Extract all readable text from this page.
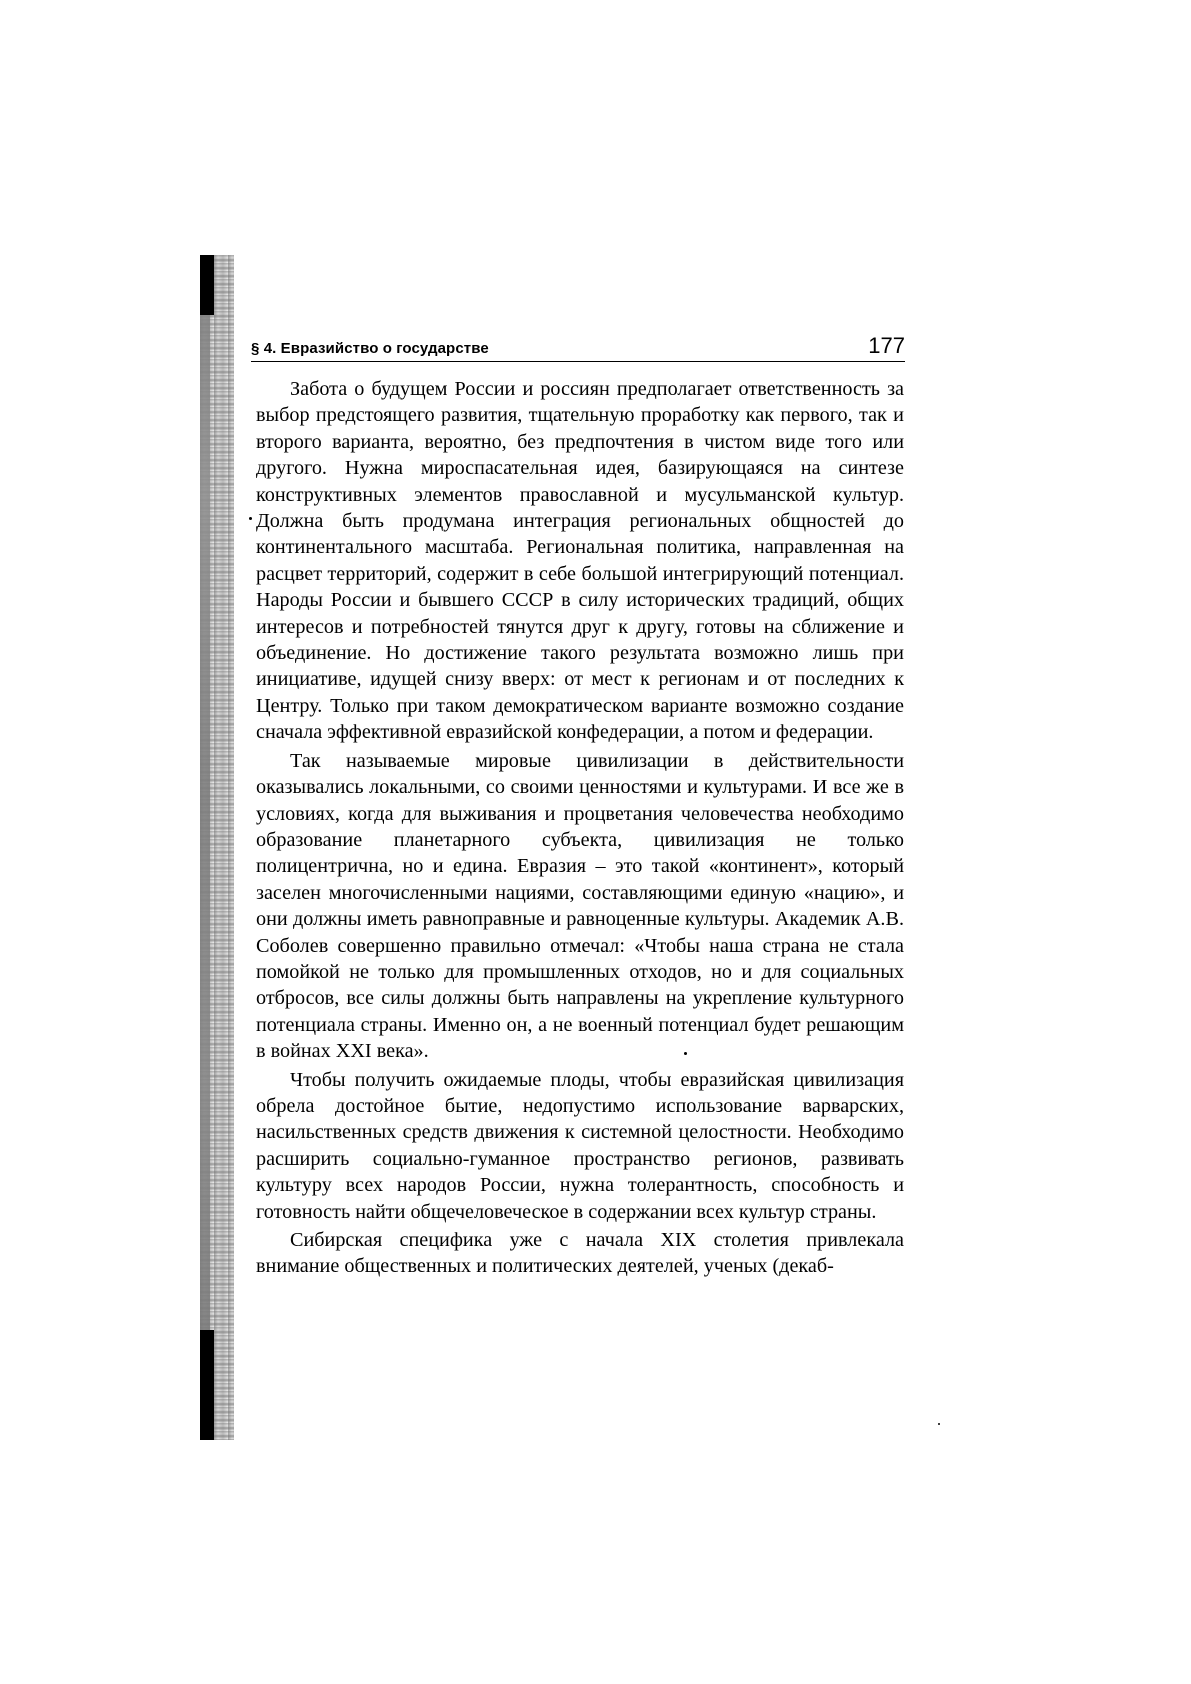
§ 4. Евразийство о государстве	177

Забота о будущем России и россиян предполагает ответственность за выбор предстоящего развития, тщательную проработку как первого, так и второго варианта, вероятно, без предпочтения в чистом виде того или другого. Нужна мироспасательная идея, базирующаяся на синтезе конструктивных элементов православной и мусульманской культур. Должна быть продумана интеграция региональных общностей до континентального масштаба. Региональная политика, направленная на расцвет территорий, содержит в себе большой интегрирующий потенциал. Народы России и бывшего СССР в силу исторических традиций, общих интересов и потребностей тянутся друг к другу, готовы на сближение и объединение. Но достижение такого результата возможно лишь при инициативе, идущей снизу вверх: от мест к регионам и от последних к Центру. Только при таком демократическом варианте возможно создание сначала эффективной евразийской конфедерации, а потом и федерации.

Так называемые мировые цивилизации в действительности оказывались локальными, со своими ценностями и культурами. И все же в условиях, когда для выживания и процветания человечества необходимо образование планетарного субъекта, цивилизация не только полицентрична, но и едина. Евразия – это такой «континент», который заселен многочисленными нациями, составляющими единую «нацию», и они должны иметь равноправные и равноценные культуры. Академик А.В. Соболев совершенно правильно отмечал: «Чтобы наша страна не стала помойкой не только для промышленных отходов, но и для социальных отбросов, все силы должны быть направлены на укрепление культурного потенциала страны. Именно он, а не военный потенциал будет решающим в войнах XXI века».

Чтобы получить ожидаемые плоды, чтобы евразийская цивилизация обрела достойное бытие, недопустимо использование варварских, насильственных средств движения к системной целостности. Необходимо расширить социально-гуманное пространство регионов, развивать культуру всех народов России, нужна толерантность, способность и готовность найти общечеловеческое в содержании всех культур страны.

Сибирская специфика уже с начала XIX столетия привлекала внимание общественных и политических деятелей, ученых (декаб-
